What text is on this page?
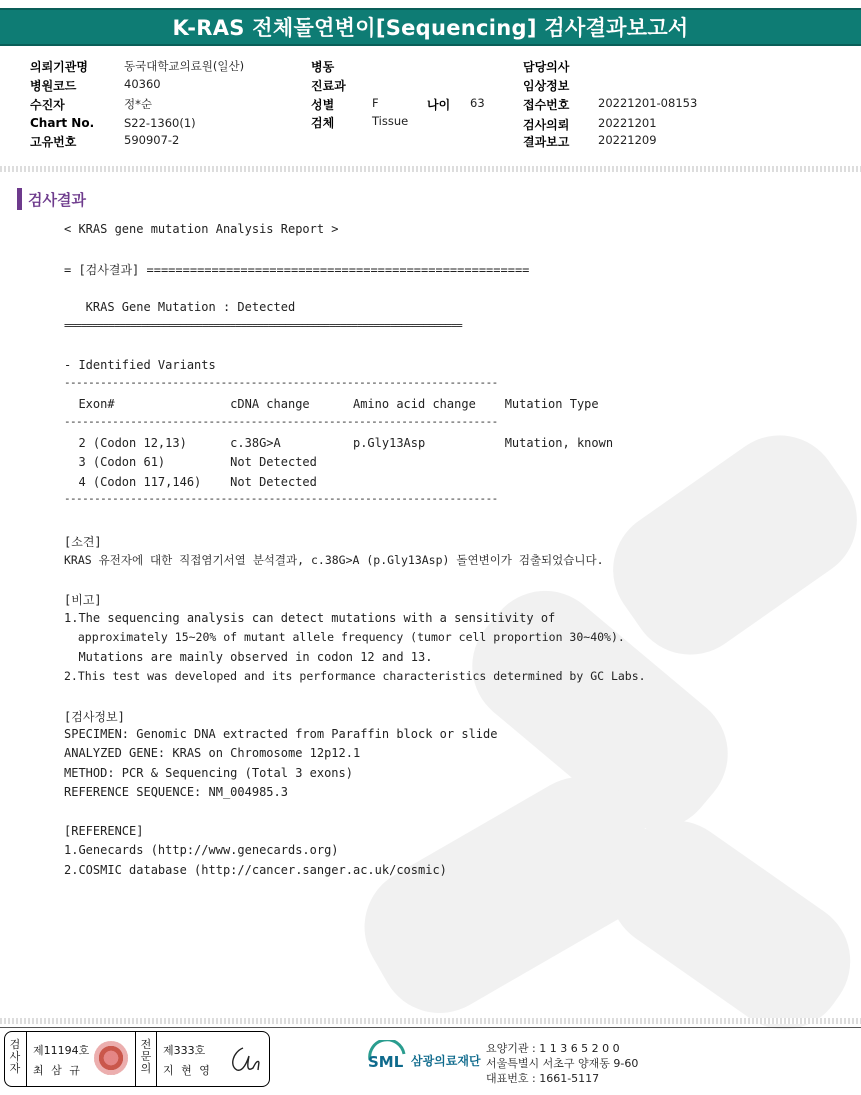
K-RAS 전체돌연변이[Sequencing] 검사결과보고서
의뢰기관명	동국대학교의료원(일산)
병원코드	40360
수진자	정*순
Chart No.	S22-1360(1)
고유번호	590907-2
병동
진료과
성별	F	나이 63
검체	Tissue
담당의사
임상정보
접수번호 20221201-08153
검사의뢰 20221201
결과보고 20221209
검사결과
< KRAS gene mutation Analysis Report >
= [검사결과] =====================================================
KRAS Gene Mutation : Detected
========================================================================
- Identified Variants
------------------------------------------------------------------------
Exon#                cDNA change      Amino acid change    Mutation Type
------------------------------------------------------------------------
2 (Codon 12,13)      c.38G>A          p.Gly13Asp           Mutation, known
3 (Codon 61)         Not Detected
4 (Codon 117,146)    Not Detected
------------------------------------------------------------------------
[소견]
KRAS 유전자에 대한 직접염기서열 분석결과, c.38G>A (p.Gly13Asp) 돌연변이가 검출되었습니다.
[비고]
1.The sequencing analysis can detect mutations with a sensitivity of
approximately 15~20% of mutant allele frequency (tumor cell proportion 30~40%).
Mutations are mainly observed in codon 12 and 13.
2.This test was developed and its performance characteristics determined by GC Labs.
[검사정보]
SPECIMEN: Genomic DNA extracted from Paraffin block or slide
ANALYZED GENE: KRAS on Chromosome 12p12.1
METHOD: PCR & Sequencing (Total 3 exons)
REFERENCE SEQUENCE: NM_004985.3
[REFERENCE]
1.Genecards (http://www.genecards.org)
2.COSMIC database (http://cancer.sanger.ac.uk/cosmic)
검사자
제11194호
최 삼 규
전문의
제333호
지 현 영	SML 삼광의료재단
요양기관 : 1 1 3 6 5 2 0 0
서울특별시 서초구 양재동 9-60
대표번호 : 1661-5117
